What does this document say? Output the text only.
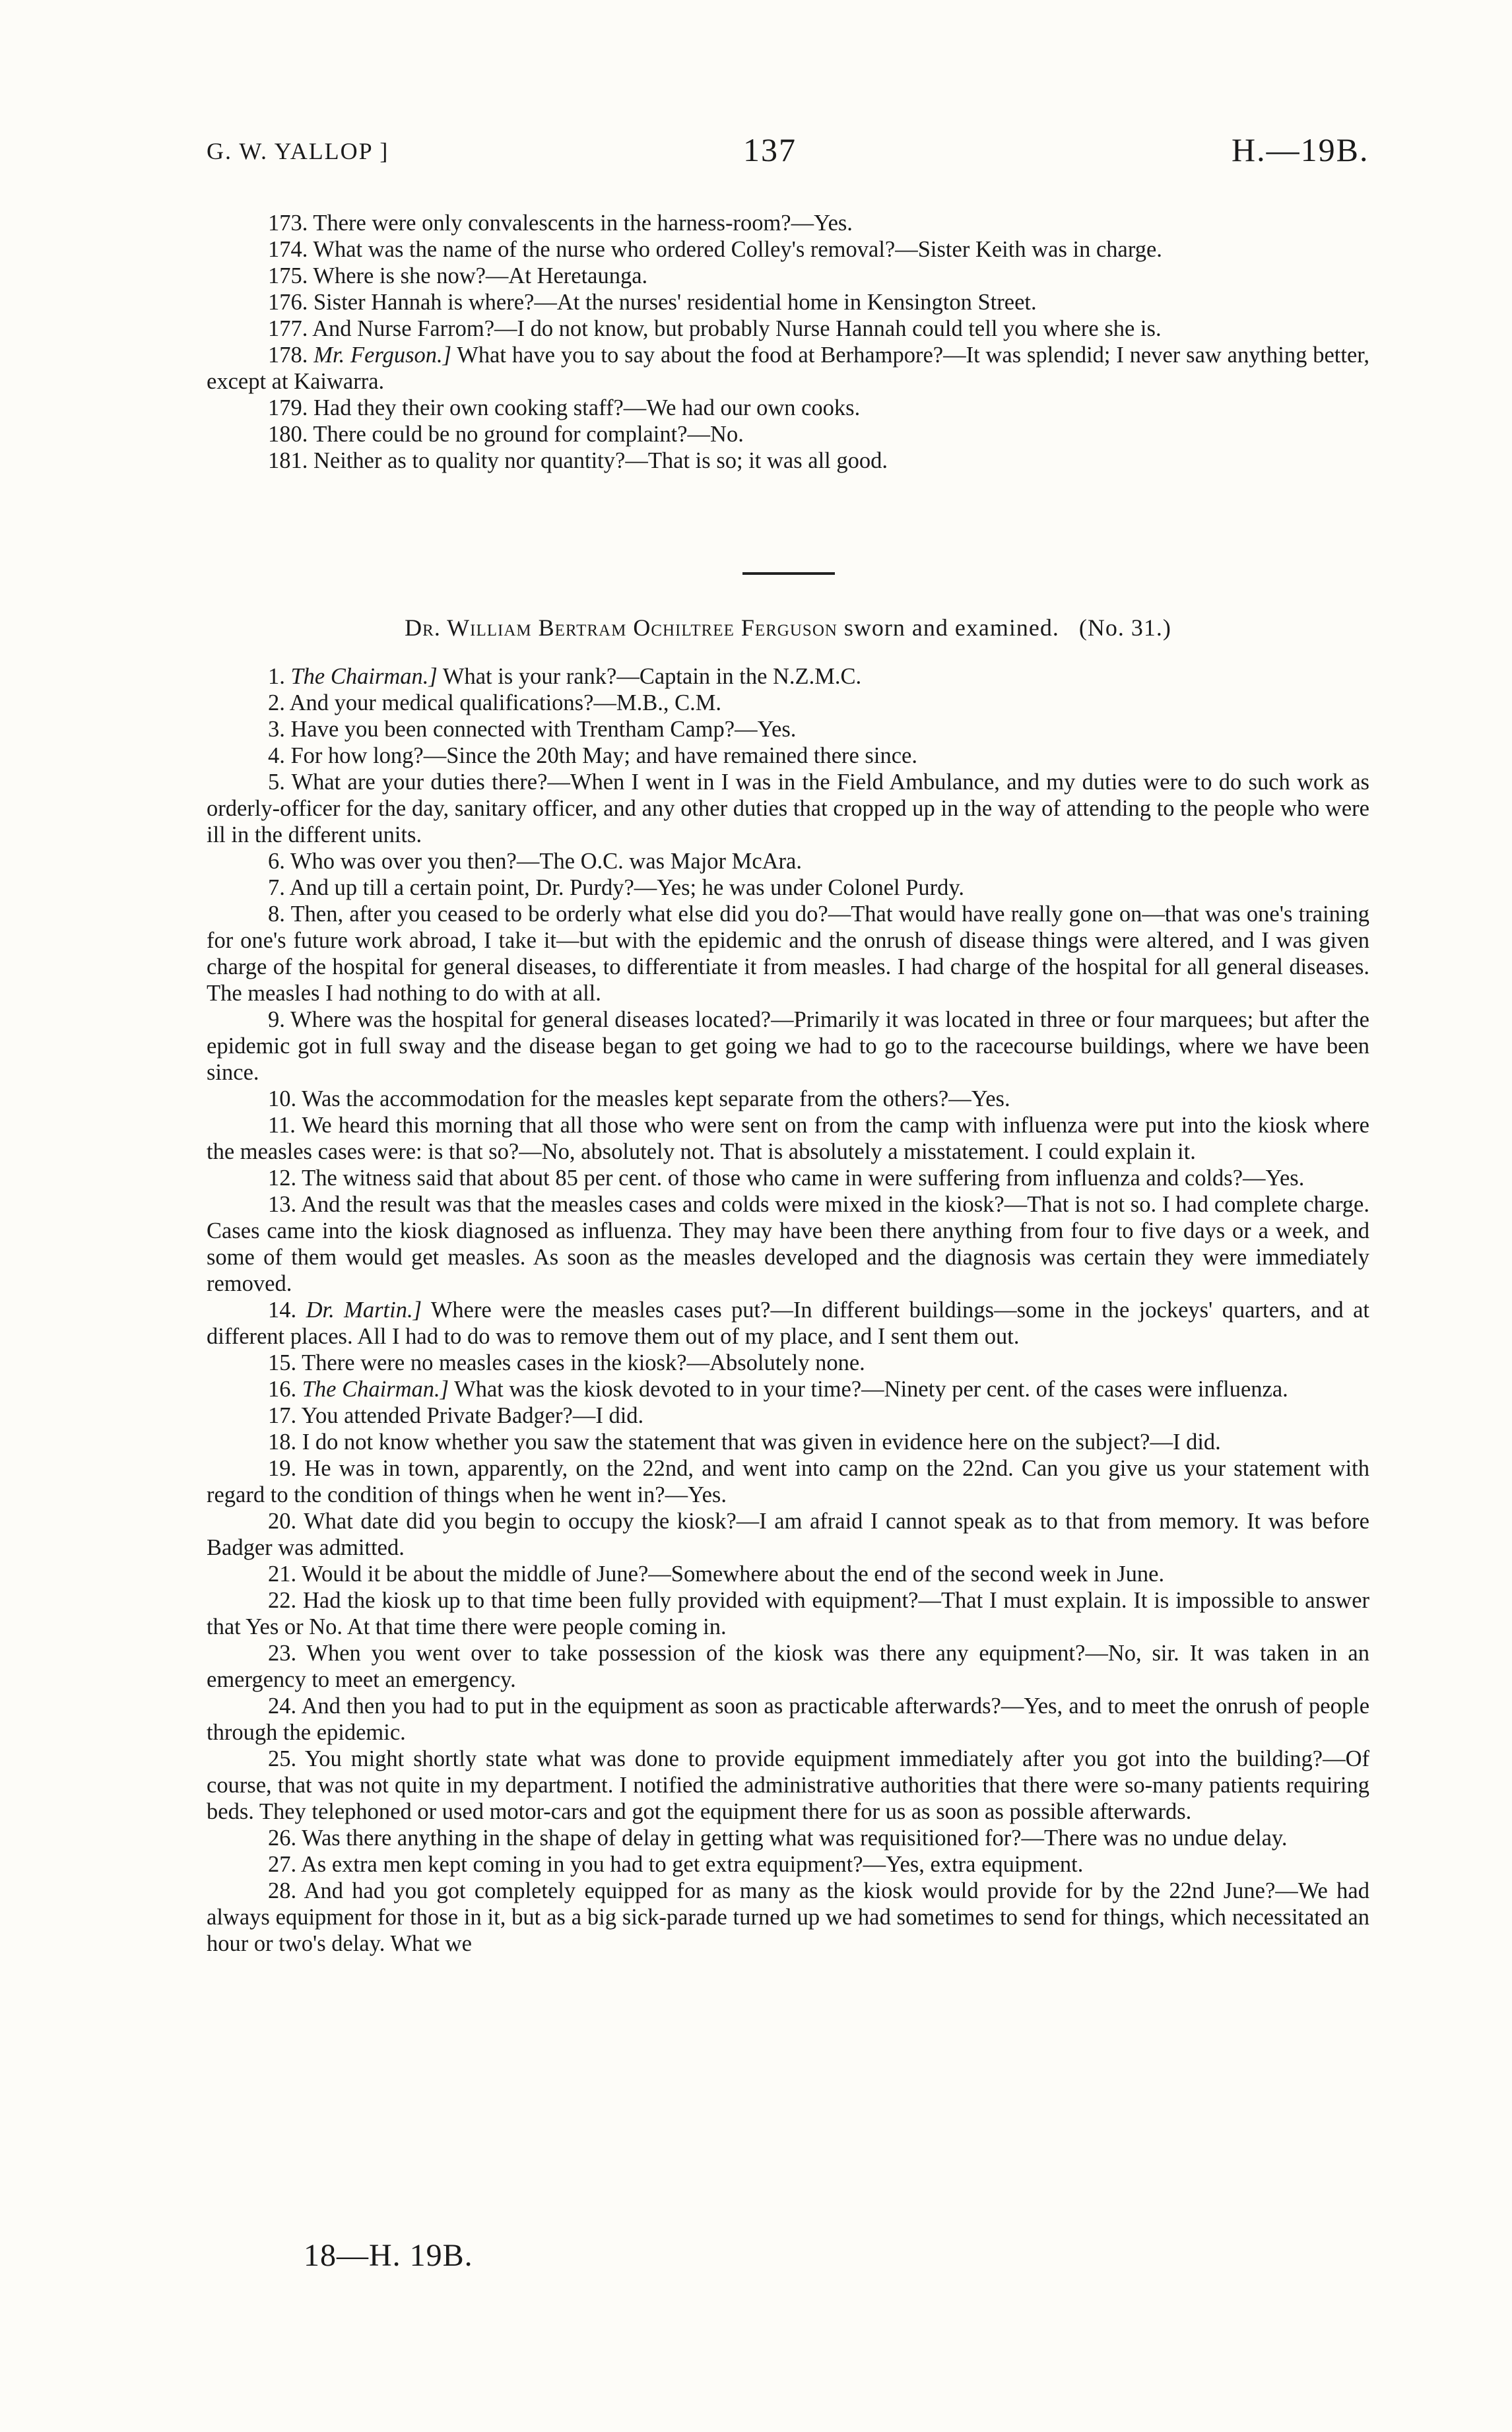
G. W. YALLOP ]	137	H.—19B.

173. There were only convalescents in the harness-room?—Yes.

174. What was the name of the nurse who ordered Colley's removal?—Sister Keith was in charge.

175. Where is she now?—At Heretaunga.

176. Sister Hannah is where?—At the nurses' residential home in Kensington Street.

177. And Nurse Farrom?—I do not know, but probably Nurse Hannah could tell you where she is.

178. Mr. Ferguson.] What have you to say about the food at Berhampore?—It was splendid; I never saw anything better, except at Kaiwarra.

179. Had they their own cooking staff?—We had our own cooks.

180. There could be no ground for complaint?—No.

181. Neither as to quality nor quantity?—That is so; it was all good.

Dr. William Bertram Ochiltree Ferguson sworn and examined. (No. 31.)

1. The Chairman.] What is your rank?—Captain in the N.Z.M.C.

2. And your medical qualifications?—M.B., C.M.

3. Have you been connected with Trentham Camp?—Yes.

4. For how long?—Since the 20th May; and have remained there since.

5. What are your duties there?—When I went in I was in the Field Ambulance, and my duties were to do such work as orderly-officer for the day, sanitary officer, and any other duties that cropped up in the way of attending to the people who were ill in the different units.

6. Who was over you then?—The O.C. was Major McAra.

7. And up till a certain point, Dr. Purdy?—Yes; he was under Colonel Purdy.

8. Then, after you ceased to be orderly what else did you do?—That would have really gone on—that was one's training for one's future work abroad, I take it—but with the epidemic and the onrush of disease things were altered, and I was given charge of the hospital for general diseases, to differentiate it from measles. I had charge of the hospital for all general diseases. The measles I had nothing to do with at all.

9. Where was the hospital for general diseases located?—Primarily it was located in three or four marquees; but after the epidemic got in full sway and the disease began to get going we had to go to the racecourse buildings, where we have been since.

10. Was the accommodation for the measles kept separate from the others?—Yes.

11. We heard this morning that all those who were sent on from the camp with influenza were put into the kiosk where the measles cases were: is that so?—No, absolutely not. That is absolutely a misstatement. I could explain it.

12. The witness said that about 85 per cent. of those who came in were suffering from influenza and colds?—Yes.

13. And the result was that the measles cases and colds were mixed in the kiosk?—That is not so. I had complete charge. Cases came into the kiosk diagnosed as influenza. They may have been there anything from four to five days or a week, and some of them would get measles. As soon as the measles developed and the diagnosis was certain they were immediately removed.

14. Dr. Martin.] Where were the measles cases put?—In different buildings—some in the jockeys' quarters, and at different places. All I had to do was to remove them out of my place, and I sent them out.

15. There were no measles cases in the kiosk?—Absolutely none.

16. The Chairman.] What was the kiosk devoted to in your time?—Ninety per cent. of the cases were influenza.

17. You attended Private Badger?—I did.

18. I do not know whether you saw the statement that was given in evidence here on the subject?—I did.

19. He was in town, apparently, on the 22nd, and went into camp on the 22nd. Can you give us your statement with regard to the condition of things when he went in?—Yes.

20. What date did you begin to occupy the kiosk?—I am afraid I cannot speak as to that from memory. It was before Badger was admitted.

21. Would it be about the middle of June?—Somewhere about the end of the second week in June.

22. Had the kiosk up to that time been fully provided with equipment?—That I must explain. It is impossible to answer that Yes or No. At that time there were people coming in.

23. When you went over to take possession of the kiosk was there any equipment?—No, sir. It was taken in an emergency to meet an emergency.

24. And then you had to put in the equipment as soon as practicable afterwards?—Yes, and to meet the onrush of people through the epidemic.

25. You might shortly state what was done to provide equipment immediately after you got into the building?—Of course, that was not quite in my department. I notified the administrative authorities that there were so-many patients requiring beds. They telephoned or used motor-cars and got the equipment there for us as soon as possible afterwards.

26. Was there anything in the shape of delay in getting what was requisitioned for?—There was no undue delay.

27. As extra men kept coming in you had to get extra equipment?—Yes, extra equipment.

28. And had you got completely equipped for as many as the kiosk would provide for by the 22nd June?—We had always equipment for those in it, but as a big sick-parade turned up we had sometimes to send for things, which necessitated an hour or two's delay. What we

18—H. 19B.
